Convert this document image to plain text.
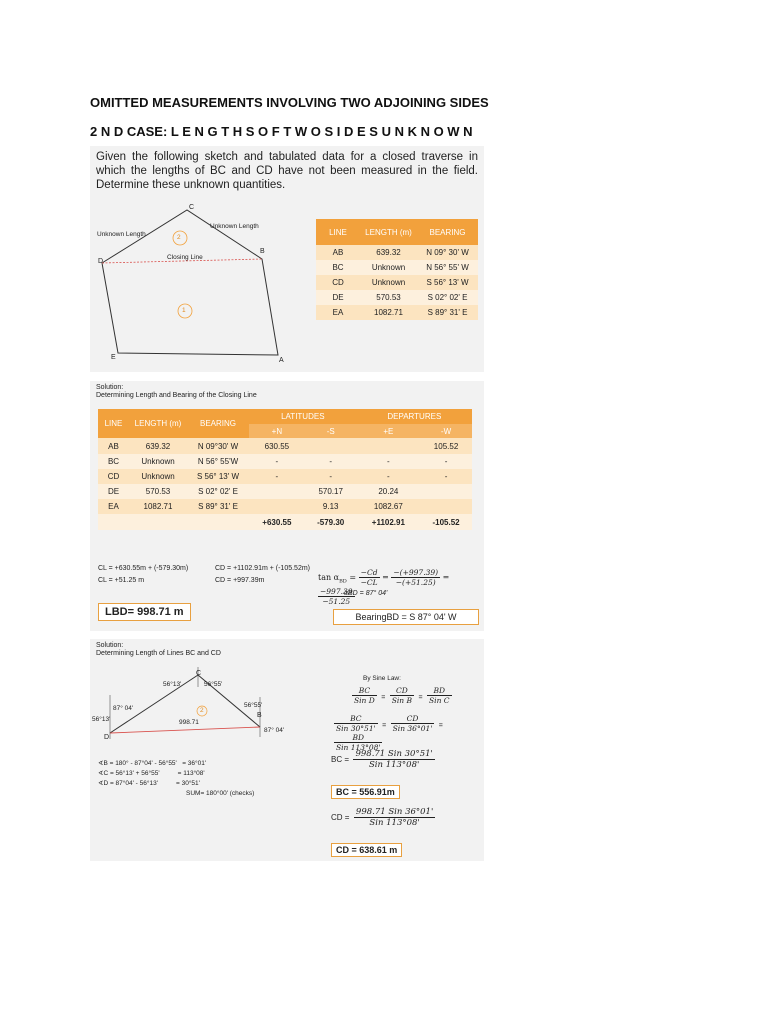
OMITTED MEASUREMENTS INVOLVING TWO ADJOINING SIDES
2 N D CASE: L E N G T H S O F T W O S I D E S U N K N O W N
Given the following sketch and tabulated data for a closed traverse in which the lengths of BC and CD have not been measured in the field. Determine these unknown quantities.
Unknown Length
Unknown Length
Closing Line
C
B
D
E	A
2
1
LINE	LENGTH (m)	BEARING
AB	639.32	N 09° 30' W
BC	Unknown	N 56° 55' W
CD	Unknown	S 56° 13' W
DE	570.53	S 02° 02' E
EA	1082.71	S 89° 31' E
Solution:
Determining Length and Bearing of the Closing Line
LINE	LENGTH (m)	BEARING	LATITUDES		DEPARTURES	
			+N	-S	+E	-W
AB	639.32	N 09°30' W	630.55			105.52
BC	Unknown	N 56° 55'W	-	-	-	-
CD	Unknown	S 56° 13' W	-	-	-	-
DE	570.53	S 02° 02' E		570.17	20.24	
EA	1082.71	S 89° 31' E		9.13	1082.67	
			+630.55	-579.30	+1102.91	-105.52
CL = +630.55m + (-579.30m)
CL = +51.25 m
CD = +1102.91m + (-105.52m)
CD = +997.39m	$\tan \alpha_{BD} = \frac{-Cd}{-CL} = \frac{-(+997.39)}{-(+51.25)}$ =
$\frac{-997.39}{-51.25}$
αBD = 87° 04'
LBD= 998.71 m	BearingBD = S 87° 04' W
Solution:
Determining Length of Lines BC and CD
56°13'	56°55'
C
56°55'
B
87° 04'
87° 04'
56°13'
D
998.71
2
∢B = 180° - 87°04' - 56°55'   = 36°01'
∢C = 56°13' + 56°55'          = 113°08'
∢D = 87°04' - 56°13'          = 30°51'
SUM= 180°00' (checks)
By Sine Law:
$\frac{BC}{\text{Sin D}} = \frac{CD}{\text{Sin B}} = \frac{BD}{\text{Sin C}}$
$\frac{BC}{\text{Sin 30°51'}} = \frac{CD}{\text{Sin 36°01'}}$ =
$\frac{BD}{\text{Sin 113°08'}}$
BC = $\frac{\text{998.71 Sin 30°51'}}{\text{Sin 113°08'}}$
BC = 556.91m
CD = $\frac{\text{998.71 Sin 36°01'}}{\text{Sin 113°08'}}$
CD = 638.61 m
